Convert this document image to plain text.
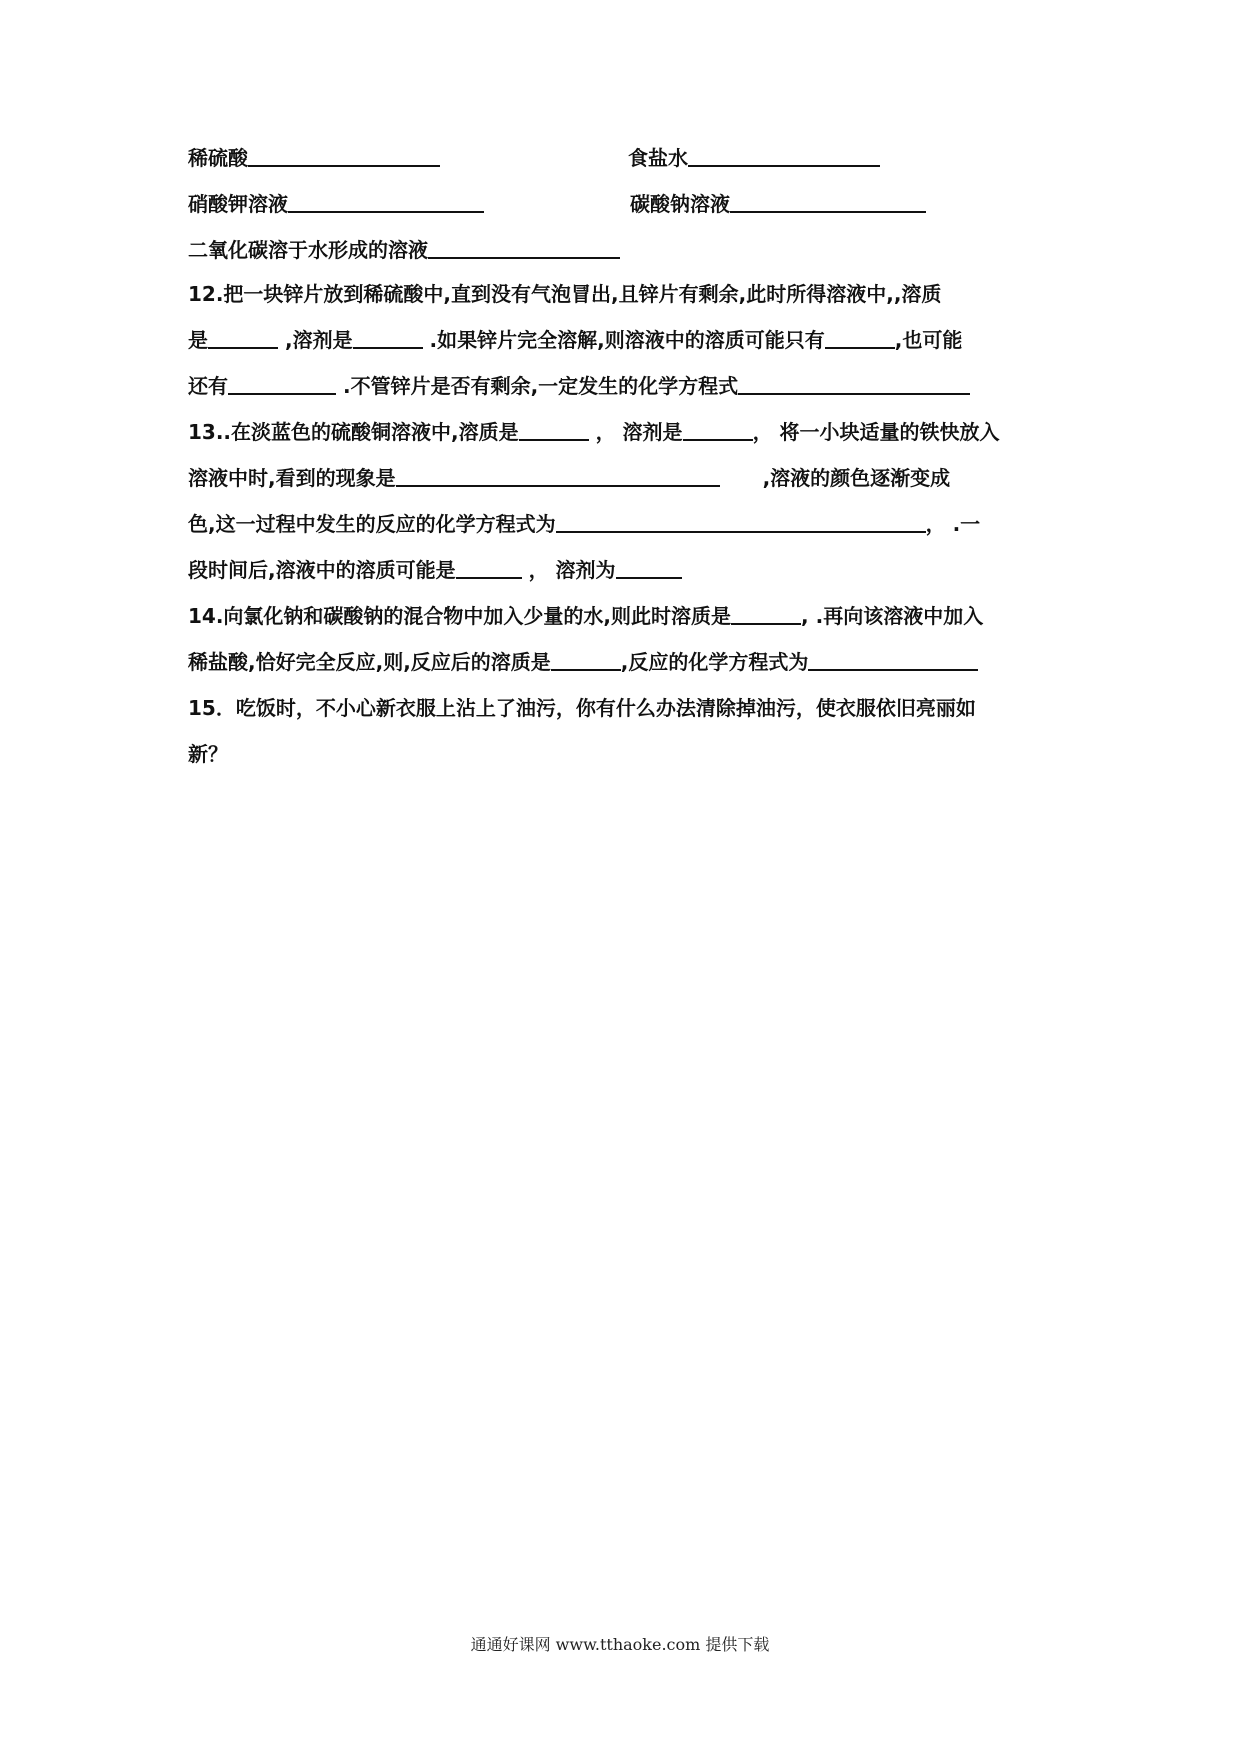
稀硫酸	食盐水
硝酸钾溶液	碳酸钠溶液
二氧化碳溶于水形成的溶液
12.把一块锌片放到稀硫酸中,直到没有气泡冒出,且锌片有剩余,此时所得溶液中,,溶质
是	,溶剂是	.如果锌片完全溶解,则溶液中的溶质可能只有	,也可能
还有	.不管锌片是否有剩余,一定发生的化学方程式
13..在淡蓝色的硫酸铜溶液中,溶质是	， 溶剂是	， 将一小块适量的铁快放入
溶液中时,看到的现象是	,溶液的颜色逐渐变成
色,这一过程中发生的反应的化学方程式为	， .一
段时间后,溶液中的溶质可能是	， 溶剂为
14.向氯化钠和碳酸钠的混合物中加入少量的水,则此时溶质是	, .再向该溶液中加入
稀盐酸,恰好完全反应,则,反应后的溶质是	,反应的化学方程式为
15．吃饭时，不小心新衣服上沾上了油污，你有什么办法清除掉油污，使衣服依旧亮丽如
新？
通通好课网 www.tthaoke.com 提供下载
